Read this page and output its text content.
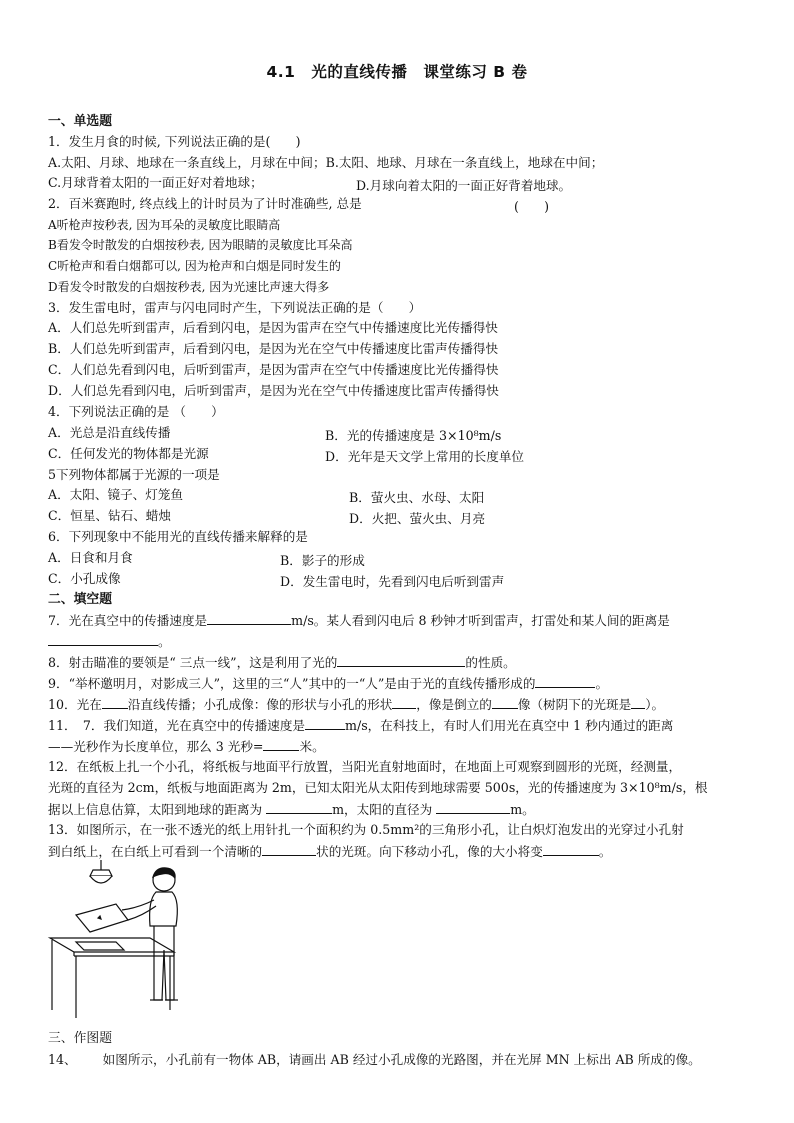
4.1　光的直线传播　课堂练习 B 卷
一、单选题
1．发生月食的时候, 下列说法正确的是(　　)
A.太阳、月球、地球在一条直线上，月球在中间；B.太阳、地球、月球在一条直线上，地球在中间；
C.月球背着太阳的一面正好对着地球；	D.月球向着太阳的一面正好背着地球。
2．百米赛跑时, 终点线上的计时员为了计时准确些, 总是	(　　)
A听枪声按秒表, 因为耳朵的灵敏度比眼睛高
B看发令时散发的白烟按秒表, 因为眼睛的灵敏度比耳朵高
C听枪声和看白烟都可以, 因为枪声和白烟是同时发生的
D看发令时散发的白烟按秒表, 因为光速比声速大得多
3．发生雷电时，雷声与闪电同时产生，下列说法正确的是（　　）
A．人们总先听到雷声，后看到闪电，是因为雷声在空气中传播速度比光传播得快
B．人们总先听到雷声，后看到闪电，是因为光在空气中传播速度比雷声传播得快
C．人们总先看到闪电，后听到雷声，是因为雷声在空气中传播速度比光传播得快
D．人们总先看到闪电，后听到雷声，是因为光在空气中传播速度比雷声传播得快
4．下列说法正确的是 （　　）
A．光总是沿直线传播	B．光的传播速度是 3×10⁸m/s
C．任何发光的物体都是光源	D．光年是天文学上常用的长度单位
5下列物体都属于光源的一项是
A．太阳、镜子、灯笼鱼	B．萤火虫、水母、太阳
C．恒星、钻石、蜡烛	D．火把、萤火虫、月亮
6．下列现象中不能用光的直线传播来解释的是
A．日食和月食	B．影子的形成
C．小孔成像	D．发生雷电时，先看到闪电后听到雷声
二、填空题
7．光在真空中的传播速度是	m/s。某人看到闪电后 8 秒钟才听到雷声，打雷处和某人间的距离是
。
8．射击瞄准的要领是“ 三点一线”，这是利用了光的	的性质。
9．“举杯邀明月，对影成三人”，这里的三“人”其中的一“人”是由于光的直线传播形成的	。
10．光在 沿直线传播；小孔成像：像的形状与小孔的形状 ，像是倒立的 像（树阴下的光斑是 ）。
11．　7．我们知道，光在真空中的传播速度是	m/s，在科技上，有时人们用光在真空中 1 秒内通过的距离
——光秒作为长度单位，那么 3 光秒=	米。
12．在纸板上扎一个小孔，将纸板与地面平行放置，当阳光直射地面时，在地面上可观察到圆形的光斑，经测量，
光斑的直径为 2cm，纸板与地面距离为 2m，已知太阳光从太阳传到地球需要 500s，光的传播速度为 3×10⁸m/s，根
据以上信息估算，太阳到地球的距离为	m，太阳的直径为	m。
13．如图所示，在一张不透光的纸上用针扎一个面积约为 0.5mm²的三角形小孔，让白炽灯泡发出的光穿过小孔射
到白纸上，在白纸上可看到一个清晰的	状的光斑。向下移动小孔，像的大小将变	。
三、作图题
14、 如图所示，小孔前有一物体 AB，请画出 AB 经过小孔成像的光路图，并在光屏 MN 上标出 AB 所成的像。
